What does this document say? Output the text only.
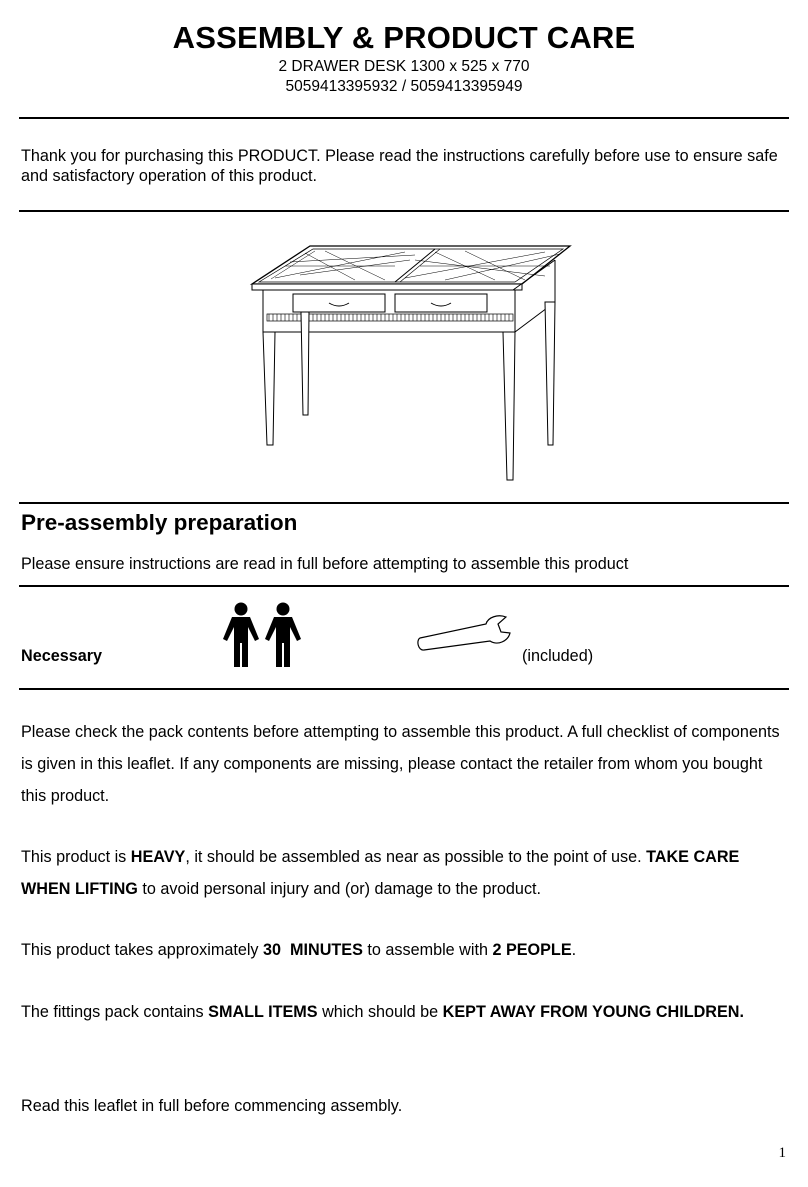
ASSEMBLY & PRODUCT CARE
2 DRAWER DESK 1300 x 525 x 770
5059413395932 / 5059413395949
Thank you for purchasing this PRODUCT. Please read the instructions carefully before use to ensure safe and satisfactory operation of this product.
Pre-assembly preparation
Please ensure instructions are read in full before attempting to assemble this product
Necessary	(included)
Please check the pack contents before attempting to assemble this product. A full checklist of components is given in this leaflet. If any components are missing, please contact the retailer from whom you bought this product.
This product is HEAVY, it should be assembled as near as possible to the point of use. TAKE CARE WHEN LIFTING to avoid personal injury and (or) damage to the product.
This product takes approximately 30  MINUTES to assemble with 2 PEOPLE.
The fittings pack contains SMALL ITEMS which should be KEPT AWAY FROM YOUNG CHILDREN.
Read this leaflet in full before commencing assembly.
1
